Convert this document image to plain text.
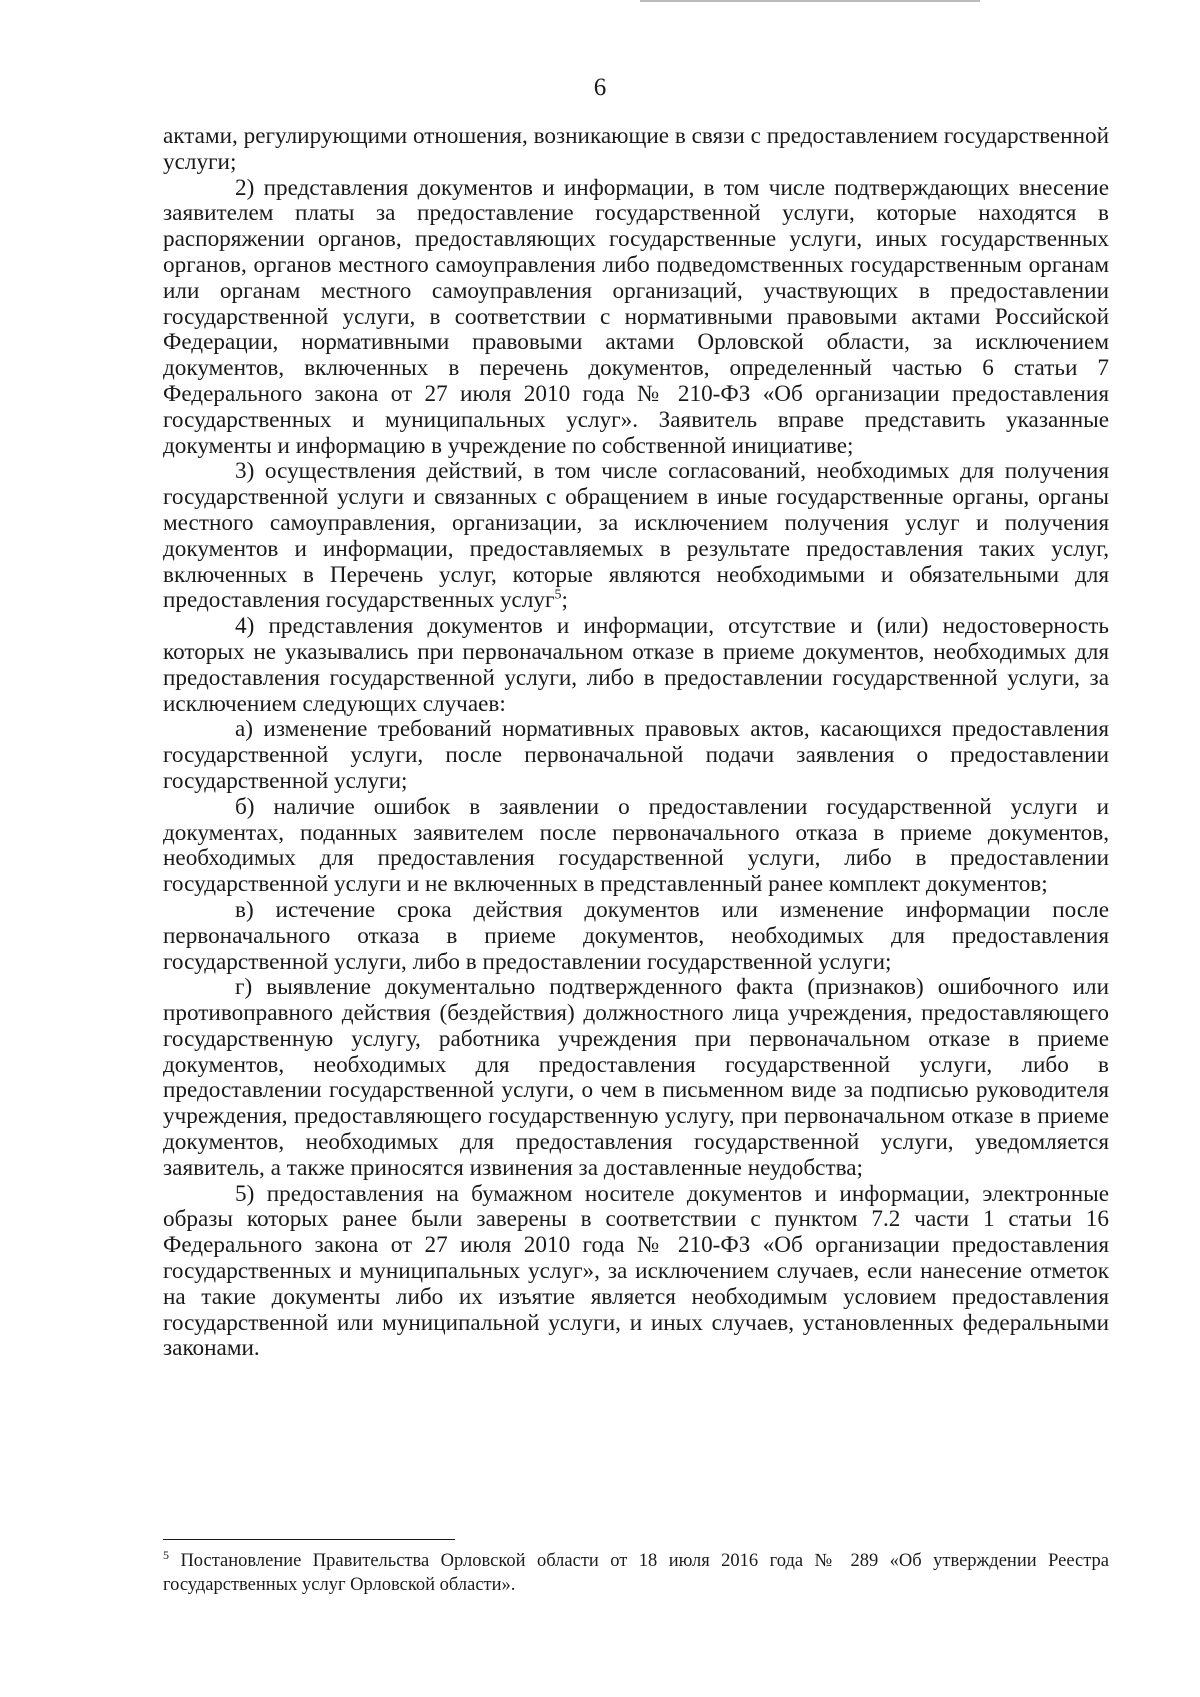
6

актами, регулирующими отношения, возникающие в связи с предоставлением государственной услуги;

2) представления документов и информации, в том числе подтверждающих внесение заявителем платы за предоставление государственной услуги, которые находятся в распоряжении органов, предоставляющих государственные услуги, иных государственных органов, органов местного самоуправления либо подведомственных государственным органам или органам местного самоуправления организаций, участвующих в предоставлении государственной услуги, в соответствии с нормативными правовыми актами Российской Федерации, нормативными правовыми актами Орловской области, за исключением документов, включенных в перечень документов, определенный частью 6 статьи 7 Федерального закона от 27 июля 2010 года № 210-ФЗ «Об организации предоставления государственных и муниципальных услуг». Заявитель вправе представить указанные документы и информацию в учреждение по собственной инициативе;

3) осуществления действий, в том числе согласований, необходимых для получения государственной услуги и связанных с обращением в иные государственные органы, органы местного самоуправления, организации, за исключением получения услуг и получения документов и информации, предоставляемых в результате предоставления таких услуг, включенных в Перечень услуг, которые являются необходимыми и обязательными для предоставления государственных услуг$^5$;

4) представления документов и информации, отсутствие и (или) недостоверность которых не указывались при первоначальном отказе в приеме документов, необходимых для предоставления государственной услуги, либо в предоставлении государственной услуги, за исключением следующих случаев:

а) изменение требований нормативных правовых актов, касающихся предоставления государственной услуги, после первоначальной подачи заявления о предоставлении государственной услуги;

б) наличие ошибок в заявлении о предоставлении государственной услуги и документах, поданных заявителем после первоначального отказа в приеме документов, необходимых для предоставления государственной услуги, либо в предоставлении государственной услуги и не включенных в представленный ранее комплект документов;

в) истечение срока действия документов или изменение информации после первоначального отказа в приеме документов, необходимых для предоставления государственной услуги, либо в предоставлении государственной услуги;

г) выявление документально подтвержденного факта (признаков) ошибочного или противоправного действия (бездействия) должностного лица учреждения, предоставляющего государственную услугу, работника учреждения при первоначальном отказе в приеме документов, необходимых для предоставления государственной услуги, либо в предоставлении государственной услуги, о чем в письменном виде за подписью руководителя учреждения, предоставляющего государственную услугу, при первоначальном отказе в приеме документов, необходимых для предоставления государственной услуги, уведомляется заявитель, а также приносятся извинения за доставленные неудобства;

5) предоставления на бумажном носителе документов и информации, электронные образы которых ранее были заверены в соответствии с пунктом 7.2 части 1 статьи 16 Федерального закона от 27 июля 2010 года № 210-ФЗ «Об организации предоставления государственных и муниципальных услуг», за исключением случаев, если нанесение отметок на такие документы либо их изъятие является необходимым условием предоставления государственной или муниципальной услуги, и иных случаев, установленных федеральными законами.

$^5$ Постановление Правительства Орловской области от 18 июля 2016 года № 289 «Об утверждении Реестра государственных услуг Орловской области».
